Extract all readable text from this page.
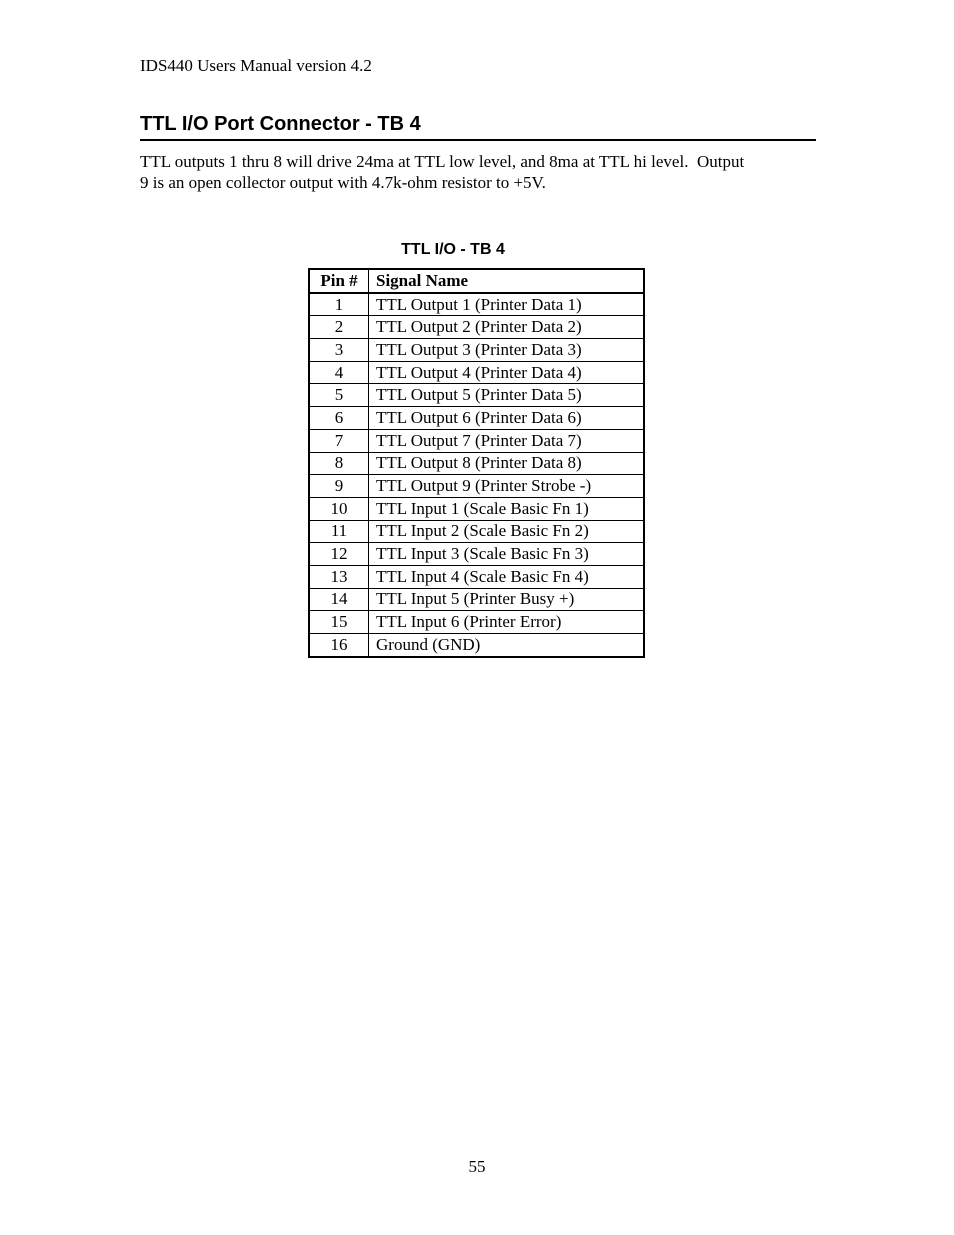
IDS440 Users Manual version 4.2
TTL I/O Port Connector - TB 4
TTL outputs 1 thru 8 will drive 24ma at TTL low level, and 8ma at TTL hi level.  Output
9 is an open collector output with 4.7k-ohm resistor to +5V.
TTL I/O - TB 4
Pin #	Signal Name
1	TTL Output 1 (Printer Data 1)
2	TTL Output 2 (Printer Data 2)
3	TTL Output 3 (Printer Data 3)
4	TTL Output 4 (Printer Data 4)
5	TTL Output 5 (Printer Data 5)
6	TTL Output 6 (Printer Data 6)
7	TTL Output 7 (Printer Data 7)
8	TTL Output 8 (Printer Data 8)
9	TTL Output 9 (Printer Strobe -)
10	TTL Input 1 (Scale Basic Fn 1)
11	TTL Input 2 (Scale Basic Fn 2)
12	TTL Input 3 (Scale Basic Fn 3)
13	TTL Input 4 (Scale Basic Fn 4)
14	TTL Input 5 (Printer Busy +)
15	TTL Input 6 (Printer Error)
16	Ground (GND)
55
